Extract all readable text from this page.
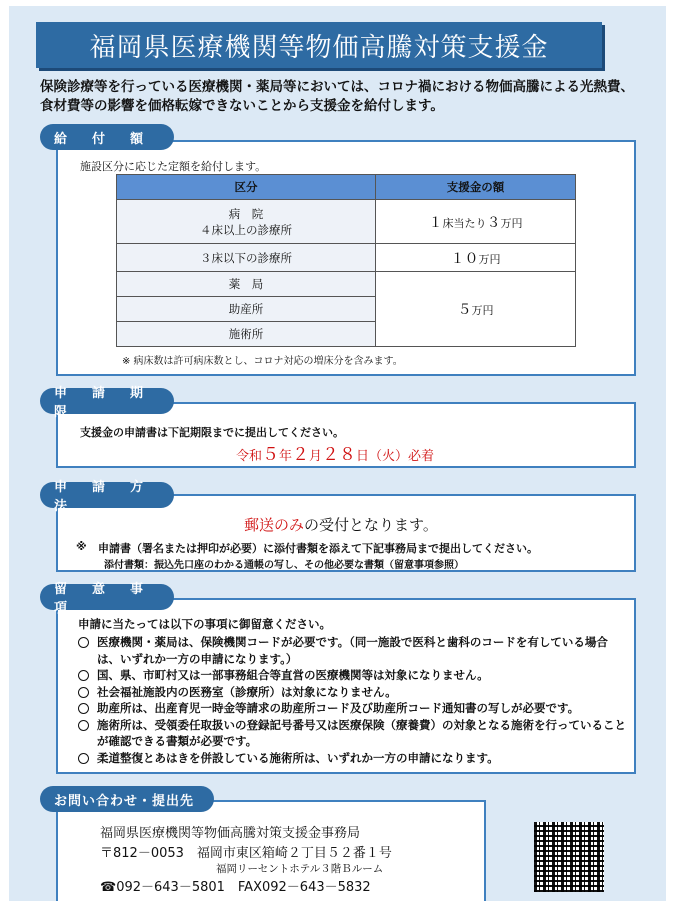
福岡県医療機関等物価高騰対策支援金
保険診療等を行っている医療機関・薬局等においては、コロナ禍における物価高騰による光熱費、食材費等の影響を価格転嫁できないことから支援金を給付します。
給　付　額
施設区分に応じた定額を給付します。
区分	支援金の額

病　院
４床以上の診療所	１床当たり３万円
３床以下の診療所	１０万円
薬　局	５万円
助産所	
施術所	
※ 病床数は許可病床数とし、コロナ対応の増床分を含みます。
申　請　期　限
支援金の申請書は下記期限までに提出してください。
令和５年２月２８日（火）必着
申　請　方　法
郵送のみの受付となります。
※ 申請書（署名または押印が必要）に添付書類を添えて下記事務局まで提出してください。
添付書類：振込先口座のわかる通帳の写し、その他必要な書類（留意事項参照）
留　意　事　項
申請に当たっては以下の事項に御留意ください。
医療機関・薬局は、保険機関コードが必要です。（同一施設で医科と歯科のコードを有している場合は、いずれか一方の申請になります。）
国、県、市町村又は一部事務組合等直営の医療機関等は対象になりません。
社会福祉施設内の医務室（診療所）は対象になりません。
助産所は、出産育児一時金等請求の助産所コード及び助産所コード通知書の写しが必要です。
施術所は、受領委任取扱いの登録記号番号又は医療保険（療養費）の対象となる施術を行っていることが確認できる書類が必要です。
柔道整復とあはきを併設している施術所は、いずれか一方の申請になります。
お問い合わせ・提出先
福岡県医療機関等物価高騰対策支援金事務局
〒812－0053　福岡市東区箱崎２丁目５２番１号
福岡リーセントホテル３階Ｂルーム
☎092－643－5801　FAX092－643－5832
